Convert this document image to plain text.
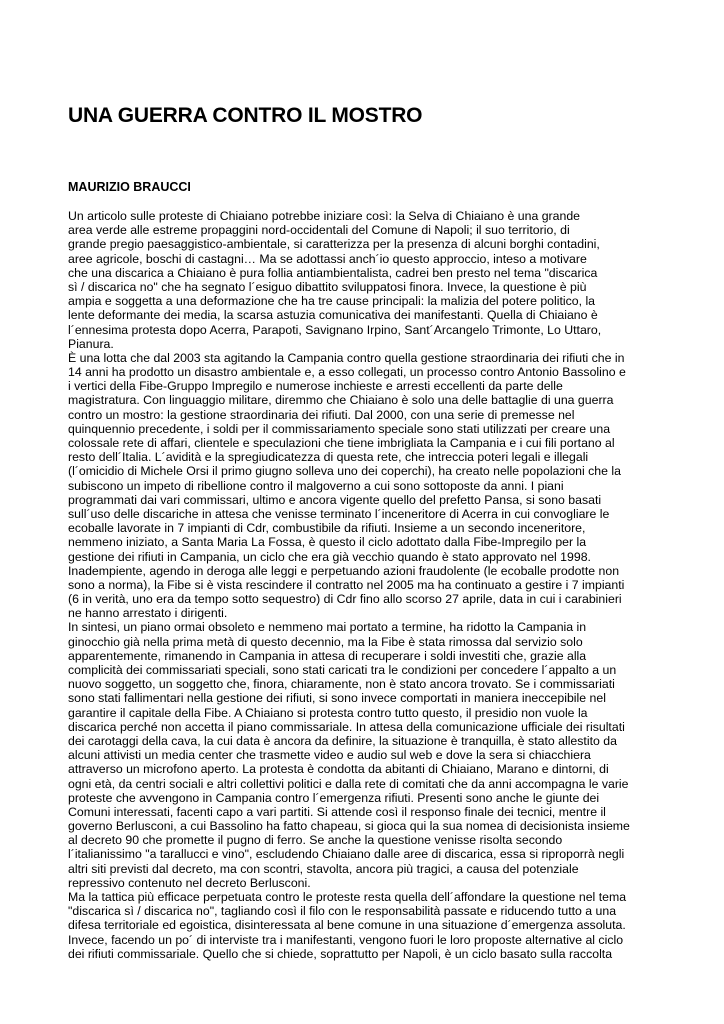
UNA GUERRA CONTRO IL MOSTRO
MAURIZIO BRAUCCI
Un articolo sulle proteste di Chiaiano potrebbe iniziare così: la Selva di Chiaiano è una grande
area verde alle estreme propaggini nord-occidentali del Comune di Napoli; il suo territorio, di
grande pregio paesaggistico-ambientale, si caratterizza per la presenza di alcuni borghi contadini,
aree agricole, boschi di castagni… Ma se adottassi anch´io questo approccio, inteso a motivare
che una discarica a Chiaiano è pura follia antiambientalista, cadrei ben presto nel tema "discarica
sì / discarica no" che ha segnato l´esiguo dibattito sviluppatosi finora. Invece, la questione è più
ampia e soggetta a una deformazione che ha tre cause principali: la malizia del potere politico, la
lente deformante dei media, la scarsa astuzia comunicativa dei manifestanti. Quella di Chiaiano è
l´ennesima protesta dopo Acerra, Parapoti, Savignano Irpino, Sant´Arcangelo Trimonte, Lo Uttaro,
Pianura.
È una lotta che dal 2003 sta agitando la Campania contro quella gestione straordinaria dei rifiuti che in
14 anni ha prodotto un disastro ambientale e, a esso collegati, un processo contro Antonio Bassolino e
i vertici della Fibe-Gruppo Impregilo e numerose inchieste e arresti eccellenti da parte delle
magistratura. Con linguaggio militare, diremmo che Chiaiano è solo una delle battaglie di una guerra
contro un mostro: la gestione straordinaria dei rifiuti. Dal 2000, con una serie di premesse nel
quinquennio precedente, i soldi per il commissariamento speciale sono stati utilizzati per creare una
colossale rete di affari, clientele e speculazioni che tiene imbrigliata la Campania e i cui fili portano al
resto dell´Italia. L´avidità e la spregiudicatezza di questa rete, che intreccia poteri legali e illegali
(l´omicidio di Michele Orsi il primo giugno solleva uno dei coperchi), ha creato nelle popolazioni che la
subiscono un impeto di ribellione contro il malgoverno a cui sono sottoposte da anni. I piani
programmati dai vari commissari, ultimo e ancora vigente quello del prefetto Pansa, si sono basati
sull´uso delle discariche in attesa che venisse terminato l´inceneritore di Acerra in cui convogliare le
ecoballe lavorate in 7 impianti di Cdr, combustibile da rifiuti. Insieme a un secondo inceneritore,
nemmeno iniziato, a Santa Maria La Fossa, è questo il ciclo adottato dalla Fibe-Impregilo per la
gestione dei rifiuti in Campania, un ciclo che era già vecchio quando è stato approvato nel 1998.
Inadempiente, agendo in deroga alle leggi e perpetuando azioni fraudolente (le ecoballe prodotte non
sono a norma), la Fibe si è vista rescindere il contratto nel 2005 ma ha continuato a gestire i 7 impianti
(6 in verità, uno era da tempo sotto sequestro) di Cdr fino allo scorso 27 aprile, data in cui i carabinieri
ne hanno arrestato i dirigenti.
In sintesi, un piano ormai obsoleto e nemmeno mai portato a termine, ha ridotto la Campania in
ginocchio già nella prima metà di questo decennio, ma la Fibe è stata rimossa dal servizio solo
apparentemente, rimanendo in Campania in attesa di recuperare i soldi investiti che, grazie alla
complicità dei commissariati speciali, sono stati caricati tra le condizioni per concedere l´appalto a un
nuovo soggetto, un soggetto che, finora, chiaramente, non è stato ancora trovato. Se i commissariati
sono stati fallimentari nella gestione dei rifiuti, si sono invece comportati in maniera ineccepibile nel
garantire il capitale della Fibe. A Chiaiano si protesta contro tutto questo, il presidio non vuole la
discarica perché non accetta il piano commissariale. In attesa della comunicazione ufficiale dei risultati
dei carotaggi della cava, la cui data è ancora da definire, la situazione è tranquilla, è stato allestito da
alcuni attivisti un media center che trasmette video e audio sul web e dove la sera si chiacchiera
attraverso un microfono aperto. La protesta è condotta da abitanti di Chiaiano, Marano e dintorni, di
ogni età, da centri sociali e altri collettivi politici e dalla rete di comitati che da anni accompagna le varie
proteste che avvengono in Campania contro l´emergenza rifiuti. Presenti sono anche le giunte dei
Comuni interessati, facenti capo a vari partiti. Si attende così il responso finale dei tecnici, mentre il
governo Berlusconi, a cui Bassolino ha fatto chapeau, si gioca qui la sua nomea di decisionista insieme
al decreto 90 che promette il pugno di ferro. Se anche la questione venisse risolta secondo
l´italianissimo "a tarallucci e vino", escludendo Chiaiano dalle aree di discarica, essa si riproporrà negli
altri siti previsti dal decreto, ma con scontri, stavolta, ancora più tragici, a causa del potenziale
repressivo contenuto nel decreto Berlusconi.
Ma la tattica più efficace perpetuata contro le proteste resta quella dell´affondare la questione nel tema
"discarica sì / discarica no", tagliando così il filo con le responsabilità passate e riducendo tutto a una
difesa territoriale ed egoistica, disinteressata al bene comune in una situazione d´emergenza assoluta.
Invece, facendo un po´ di interviste tra i manifestanti, vengono fuori le loro proposte alternative al ciclo
dei rifiuti commissariale. Quello che si chiede, soprattutto per Napoli, è un ciclo basato sulla raccolta
